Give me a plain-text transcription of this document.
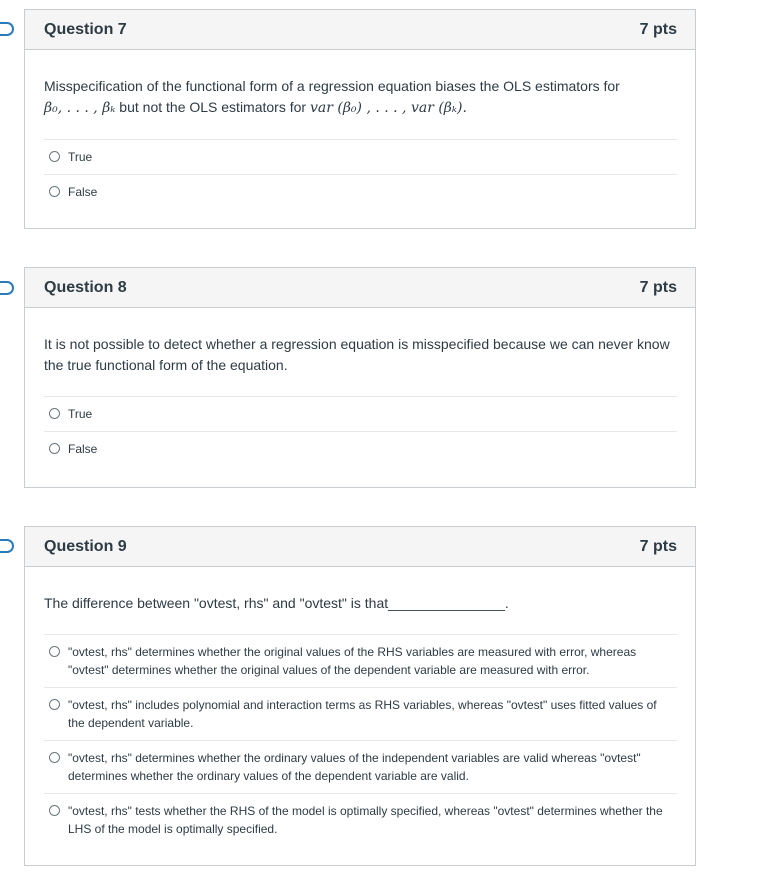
Question 7	7 pts

Misspecification of the functional form of a regression equation biases the OLS estimators for
β₀, . . . , βₖ but not the OLS estimators for var (β₀) , . . . , var (βₖ).

True
False
Question 8	7 pts

It is not possible to detect whether a regression equation is misspecified because we can never know the true functional form of the equation.

True
False
Question 9	7 pts

The difference between "ovtest, rhs" and "ovtest" is that_______________.

"ovtest, rhs" determines whether the original values of the RHS variables are measured with error, whereas "ovtest" determines whether the original values of the dependent variable are measured with error.
"ovtest, rhs" includes polynomial and interaction terms as RHS variables, whereas "ovtest" uses fitted values of the dependent variable.
"ovtest, rhs" determines whether the ordinary values of the independent variables are valid whereas "ovtest" determines whether the ordinary values of the dependent variable are valid.
"ovtest, rhs" tests whether the RHS of the model is optimally specified, whereas "ovtest" determines whether the LHS of the model is optimally specified.
